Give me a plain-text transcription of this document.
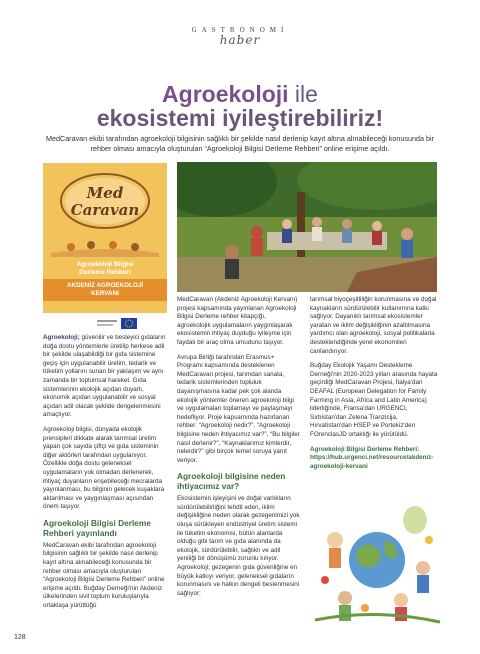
GASTRONOMİ
haber
Agroekoloji ile
ekosistemi iyileştirebiliriz!
MedCaravan ekibi tarafından agroekoloji bilgisinin sağlıklı bir şekilde nasıl derlenip kayıt altına alınabileceği konusunda bir rehber olması amacıyla oluşturulan “Agroekoloji Bilgisi Derleme Rehberi” online erişime açıldı.
Med
Caravan
Agroekoloji Bilgisi
Derleme Rehberi
AKDENİZ AGROEKOLOJİ
KERVANI

Agroekoloji; güvenilir ve besleyici gıdaların doğa dostu yöntemlerle üretilip herkese adil bir şekilde ulaşabildiği bir gıda sistemine geçiş için uygulanabilir üretim, tedarik ve tüketim yollarını sunan bir yaklaşım ve aynı zamanda bir toplumsal hareket. Gıda sistemlerinin ekolojik açıdan duyarlı, ekonomik açıdan uygulanabilir ve sosyal açıdan adil olacak şekilde dengelenmesini amaçlıyor.

Agroekoloji bilgisi, dünyada ekolojik prensipleri dikkate alarak tarımsal üretim yapan çok sayıda çiftçi ve gıda sisteminin diğer aktörleri tarafından uygulanıyor. Özellikle doğa dostu geleneksel uygulamaların yok olmadan derlenerek, ihtiyaç duyanların erişebileceği mecralarda yayınlanması, bu bilginin gelecek kuşaklara aktarılması ve yaygınlaşması açısından önem taşıyor.

Agroekoloji Bilgisi Derleme Rehberi yayınlandı

MedCaravan ekibi tarafından agroekoloji bilgisinin sağlıklı bir şekilde nasıl derlenip kayıt altına alınabileceği konusunda bir rehber olması amacıyla oluşturulan “Agroekoloji Bilgisi Derleme Rehberi” online erişime açıldı. Buğday Derneği'nin Akdeniz ülkelerinden sivil toplum kuruluşlarıyla ortaklaşa yürüttüğü

MedCaravan (Akdeniz Agroekoloji Kervanı) projesi kapsamında yayınlanan Agroekoloji Bilgisi Derleme rehber kitapçığı, agroekolojik uygulamaların yaygınlaşarak ekosistemin ihtiyaç duyduğu iyileşme için faydalı bir araç olma umudunu taşıyor.

Avrupa Birliği tarafından Erasmus+ Programı kapsamında desteklenen MedCaravan projesi, tarımdan sanata, tedarik sistemlerinden topluluk dayanışmasına kadar pek çok alanda ekolojik yöntemler öneren agroekoloji bilgi ve uygulamaları toplamayı ve paylaşmayı hedefliyor. Proje kapsamında hazırlanan rehber: “Agroekoloji nedir?”, “Agroekoloji bilgisine neden ihtiyacımız var?”, “Bu bilgiler nasıl derlenir?”, “Kaynaklarımız kimlerdir, nelerdir?” gibi birçok temel soruya yanıt veriyor.

Agroekoloji bilgisine neden ihtiyacımız var?

Ekosistemin işleyişini ve doğal varlıkların sürdürülebilirliğini tehdit eden, iklim değişikliğine neden olarak gezegenimizi yok oluşa sürükleyen endüstriyel üretim sistemi ile tüketim ekonomisi, bütün alanlarda olduğu gibi tarım ve gıda alanında da ekolojik, sürdürülebilir, sağlıklı ve adil yeniliği bir dönüşümü zorunlu kılıyor. Agroekoloji; gezegenin gıda güvenliğine en büyük katkıyı veriyor, geleneksel gıdaların korunmasını ve halkın dengeli beslenmesini sağlıyor;

tarımsal biyoçeşitliliğin korunmasına ve doğal kaynakların sürdürülebilir kullanımına katkı sağlıyor. Dayanıklı tarımsal ekosistemler yaratan ve iklim değişikliğinin azaltılmasına yardımcı olan agroekoloji, sosyal politikalarla desteklendiğinde yerel ekonomileri canlandırıyor.

Buğday Ekolojik Yaşamı Destekleme Derneği'nin 2020-2023 yılları arasında hayata geçirdiği MedCaravan Projesi, İtalya'dan DEAFAL (European Delegation for Family Farming in Asia, Africa and Latin America) liderliğinde, Fransa'dan URGENCI, Sırbistan'dan Zelena Tranzicija, Hırvatistan'dan HSEP ve Portekiz'den FOrenclasJD ortaklığı ile yürütüldü.

Agroekoloji Bilgisi Derleme Rehberi:
https://hub.urgenci.net/resource/akdeniz-agroekoloji-kervani

128
